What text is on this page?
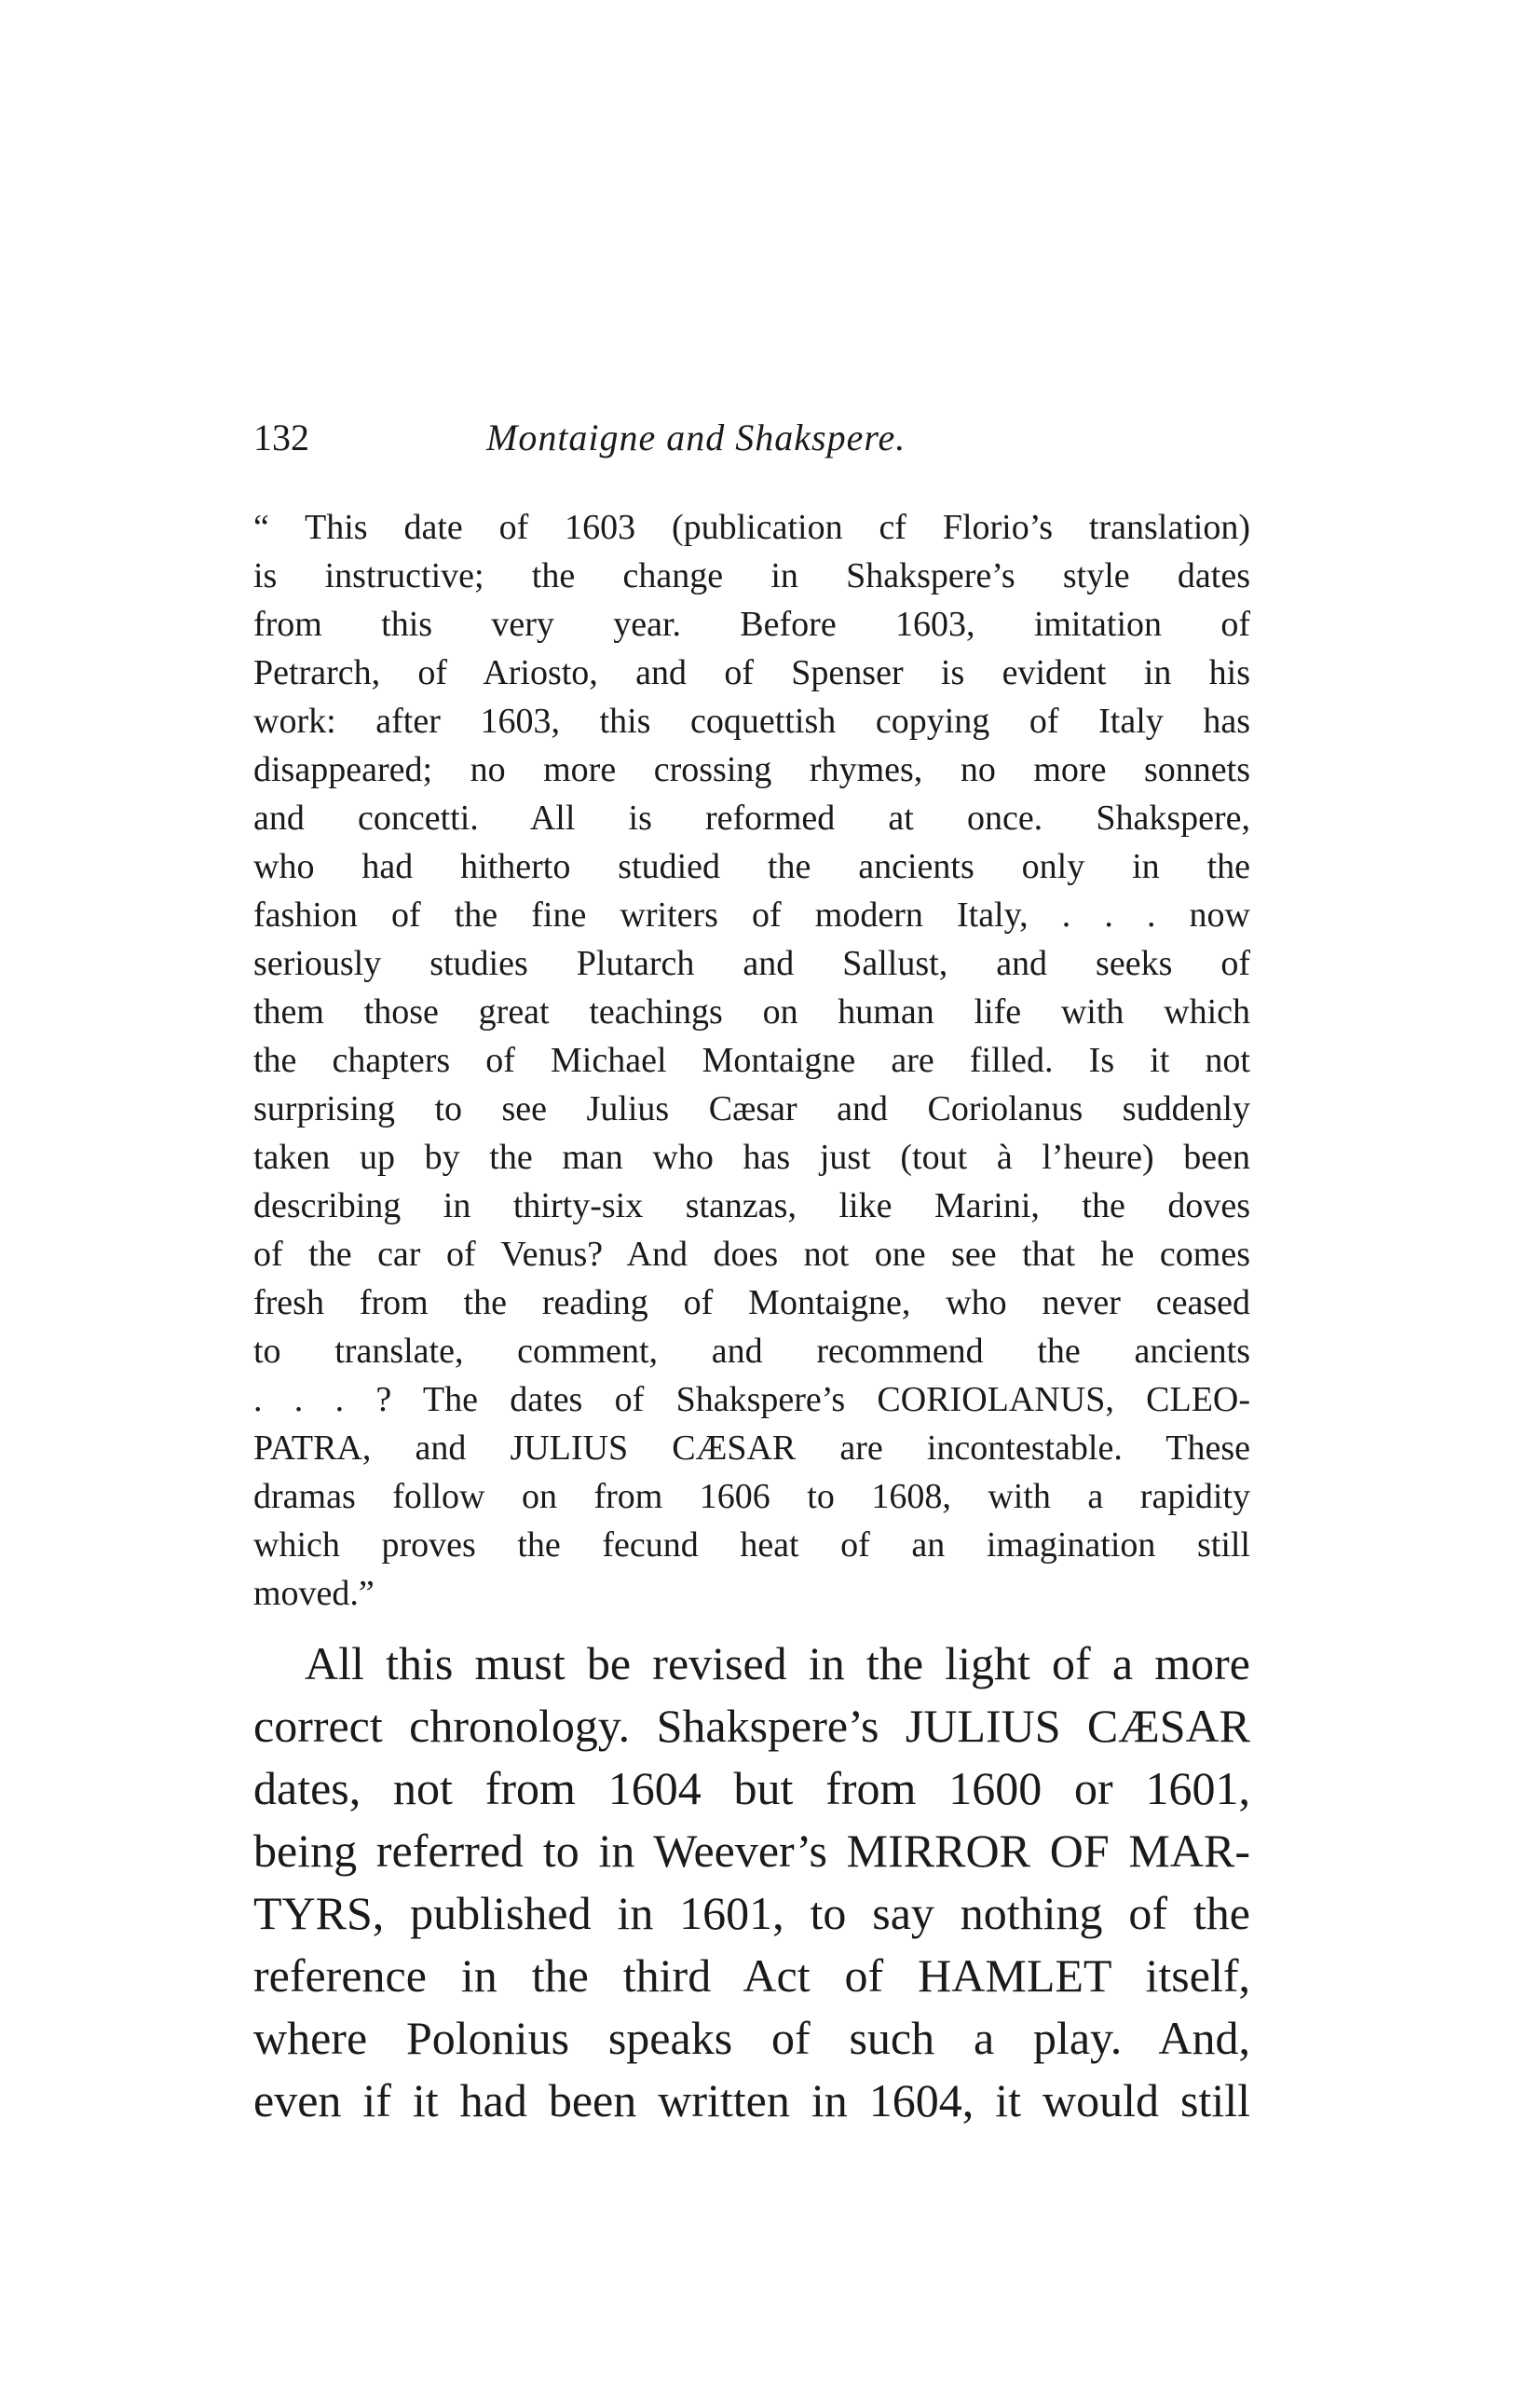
132	Montaigne and Shakspere.
“ This date of 1603 (publication cf Florio’s translation)
is instructive; the change in Shakspere’s style dates
from this very year. Before 1603, imitation of
Petrarch, of Ariosto, and of Spenser is evident in his
work: after 1603, this coquettish copying of Italy has
disappeared; no more crossing rhymes, no more sonnets
and concetti. All is reformed at once. Shakspere,
who had hitherto studied the ancients only in the
fashion of the fine writers of modern Italy, . . . now
seriously studies Plutarch and Sallust, and seeks of
them those great teachings on human life with which
the chapters of Michael Montaigne are filled. Is it not
surprising to see Julius Cæsar and Coriolanus suddenly
taken up by the man who has just (tout à l’heure) been
describing in thirty-six stanzas, like Marini, the doves
of the car of Venus? And does not one see that he comes
fresh from the reading of Montaigne, who never ceased
to translate, comment, and recommend the ancients
. . . ? The dates of Shakspere’s CORIOLANUS, CLEO-
PATRA, and JULIUS CÆSAR are incontestable. These
dramas follow on from 1606 to 1608, with a rapidity
which proves the fecund heat of an imagination still
moved.”
All this must be revised in the light of a more
correct chronology. Shakspere’s JULIUS CÆSAR
dates, not from 1604 but from 1600 or 1601,
being referred to in Weever’s MIRROR OF MAR-
TYRS, published in 1601, to say nothing of the
reference in the third Act of HAMLET itself,
where Polonius speaks of such a play. And,
even if it had been written in 1604, it would still
